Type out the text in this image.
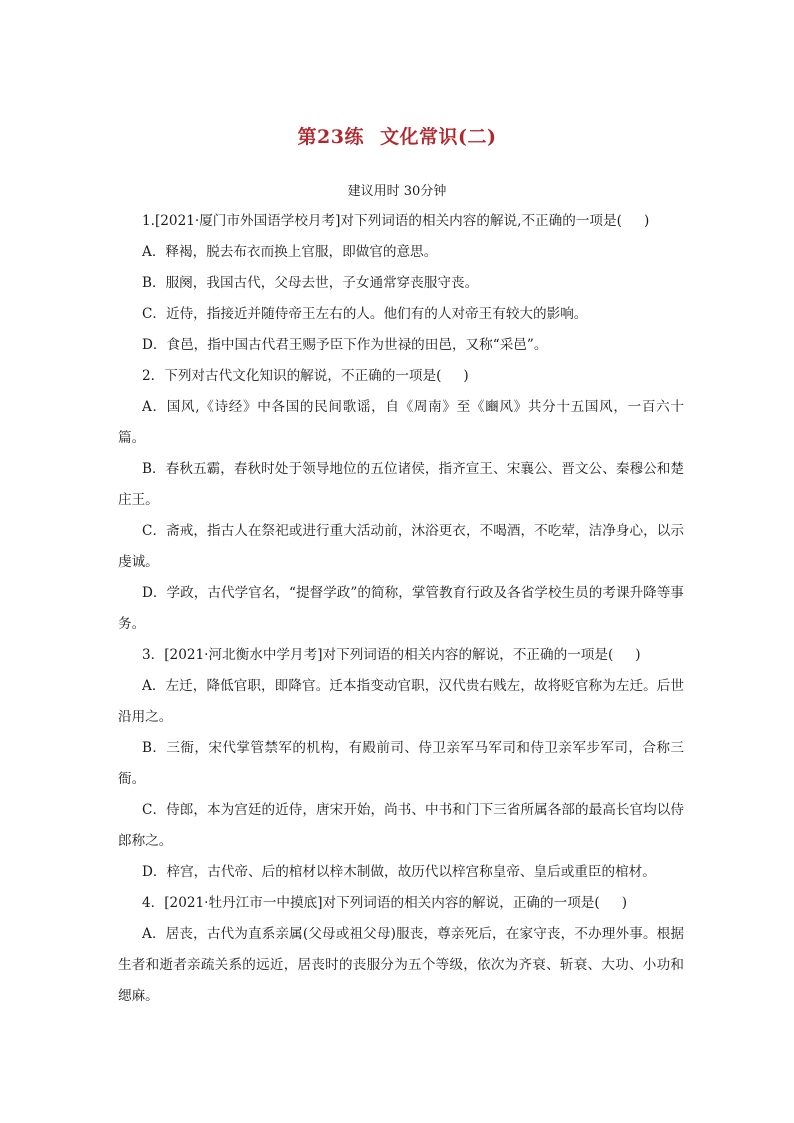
第23练 文化常识(二)
建议用时 30分钟

1.[2021·厦门市外国语学校月考]对下列词语的相关内容的解说,不正确的一项是( )

A．释褐，脱去布衣而换上官服，即做官的意思。

B．服阕，我国古代，父母去世，子女通常穿丧服守丧。

C．近侍，指接近并随侍帝王左右的人。他们有的人对帝王有较大的影响。

D．食邑，指中国古代君王赐予臣下作为世禄的田邑，又称“采邑”。

2．下列对古代文化知识的解说，不正确的一项是( )

A．国风,《诗经》中各国的民间歌谣，自《周南》至《豳风》共分十五国风，一百六十篇。

B．春秋五霸，春秋时处于领导地位的五位诸侯，指齐宣王、宋襄公、晋文公、秦穆公和楚庄王。

C．斋戒，指古人在祭祀或进行重大活动前，沐浴更衣，不喝酒，不吃荤，洁净身心，以示虔诚。

D．学政，古代学官名，“提督学政”的简称，掌管教育行政及各省学校生员的考课升降等事务。

3．[2021·河北衡水中学月考]对下列词语的相关内容的解说，不正确的一项是( )

A．左迁，降低官职，即降官。迁本指变动官职，汉代贵右贱左，故将贬官称为左迁。后世沿用之。

B．三衙，宋代掌管禁军的机构，有殿前司、侍卫亲军马军司和侍卫亲军步军司，合称三衙。

C．侍郎，本为宫廷的近侍，唐宋开始，尚书、中书和门下三省所属各部的最高长官均以侍郎称之。

D．梓宫，古代帝、后的棺材以梓木制做，故历代以梓宫称皇帝、皇后或重臣的棺材。

4．[2021·牡丹江市一中摸底]对下列词语的相关内容的解说，正确的一项是( )

A．居丧，古代为直系亲属(父母或祖父母)服丧，尊亲死后，在家守丧，不办理外事。根据生者和逝者亲疏关系的远近，居丧时的丧服分为五个等级，依次为齐衰、斩衰、大功、小功和缌麻。
